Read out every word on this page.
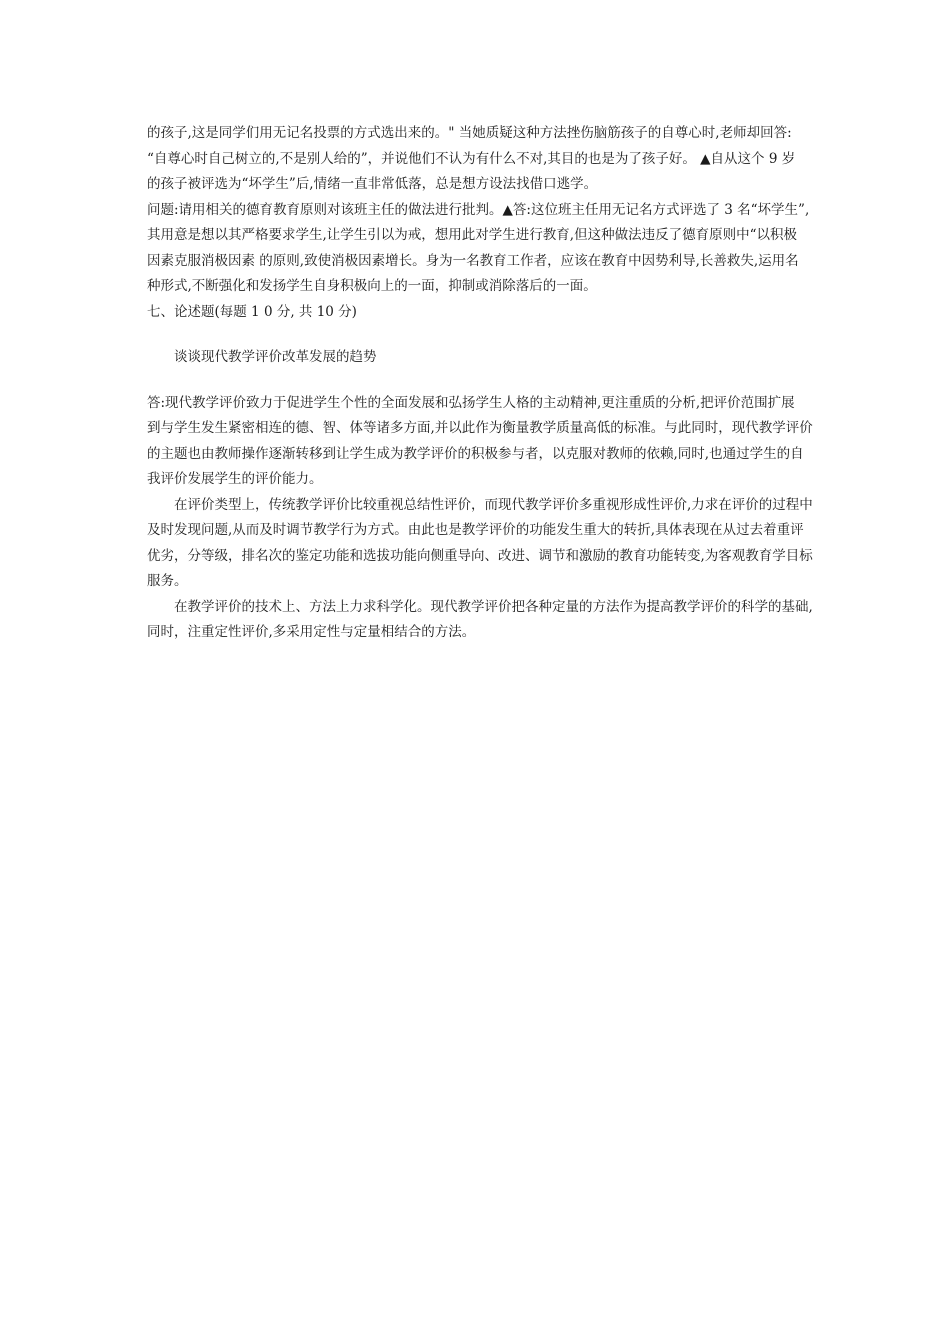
的孩子,这是同学们用无记名投票的方式选出来的。" 当她质疑这种方法挫伤脑筋孩子的自尊心时,老师却回答:
“自尊心时自己树立的,不是别人给的”，并说他们不认为有什么不对,其目的也是为了孩子好。 ▲自从这个 9 岁
的孩子被评选为“坏学生”后,情绪一直非常低落，总是想方设法找借口逃学。
问题:请用相关的德育教育原则对该班主任的做法进行批判。▲答:这位班主任用无记名方式评选了 3 名“坏学生”,
其用意是想以其严格要求学生,让学生引以为戒，想用此对学生进行教育,但这种做法违反了德育原则中“以积极
因素克服消极因素 的原则,致使消极因素增长。身为一名教育工作者，应该在教育中因势利导,长善救失,运用名
种形式,不断强化和发扬学生自身积极向上的一面，抑制或消除落后的一面。
七、论述题(每题 1 0 分, 共 10 分)
谈谈现代教学评价改革发展的趋势
答:现代教学评价致力于促进学生个性的全面发展和弘扬学生人格的主动精神,更注重质的分析,把评价范围扩展
到与学生发生紧密相连的德、智、体等诸多方面,并以此作为衡量教学质量高低的标准。与此同时，现代教学评价
的主题也由教师操作逐渐转移到让学生成为教学评价的积极参与者，以克服对教师的依赖,同时,也通过学生的自
我评价发展学生的评价能力。
在评价类型上，传统教学评价比较重视总结性评价，而现代教学评价多重视形成性评价,力求在评价的过程中
及时发现问题,从而及时调节教学行为方式。由此也是教学评价的功能发生重大的转折,具体表现在从过去着重评
优劣，分等级，排名次的鉴定功能和选拔功能向侧重导向、改进、调节和激励的教育功能转变,为客观教育学目标
服务。
在教学评价的技术上、方法上力求科学化。现代教学评价把各种定量的方法作为提高教学评价的科学的基础,
同时，注重定性评价,多采用定性与定量相结合的方法。
